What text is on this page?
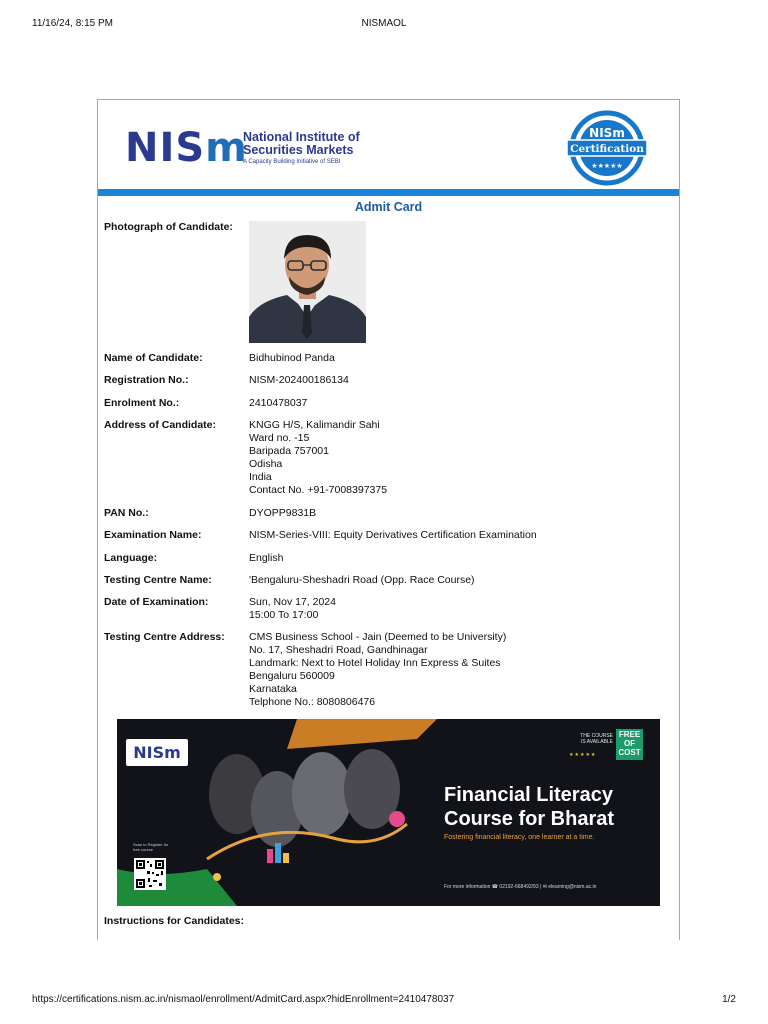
11/16/24, 8:15 PM	NISMAOL
NISm
National Institute of
Securities Markets
A Capacity Building Initiative of SEBI
NISm
Certification
★★★★★
Admit Card
Photograph of Candidate:
Name of Candidate:	Bidhubinod Panda
Registration No.:	NISM-202400186134
Enrolment No.:	2410478037
Address of Candidate:	KNGG H/S, Kalimandir Sahi
Ward no. -15
Baripada 757001
Odisha
India
Contact No. +91-7008397375
PAN No.:	DYOPP9831B
Examination Name:	NISM-Series-VIII: Equity Derivatives Certification Examination
Language:	English
Testing Centre Name:	'Bengaluru-Sheshadri Road (Opp. Race Course)
Date of Examination:	Sun, Nov 17, 2024
15:00 To 17:00
Testing Centre Address: CMS Business School - Jain (Deemed to be University)
No. 17, Sheshadri Road, Gandhinagar
Landmark: Next to Hotel Holiday Inn Express & Suites
Bengaluru 560009
Karnataka
Telphone No.: 8080806476
NISm
THE COURSE
IS AVAILABLE
★★★★★
FREE
OF
COST
Financial Literacy
Course for Bharat
Fostering financial literacy, one learner at a time.
For more information ☎ 02192-668492/93 | ✉ elearning@nism.ac.in
Scan to Register for free course
Instructions for Candidates:
https://certifications.nism.ac.in/nismaol/enrollment/AdmitCard.aspx?hidEnrollment=2410478037	1/2
